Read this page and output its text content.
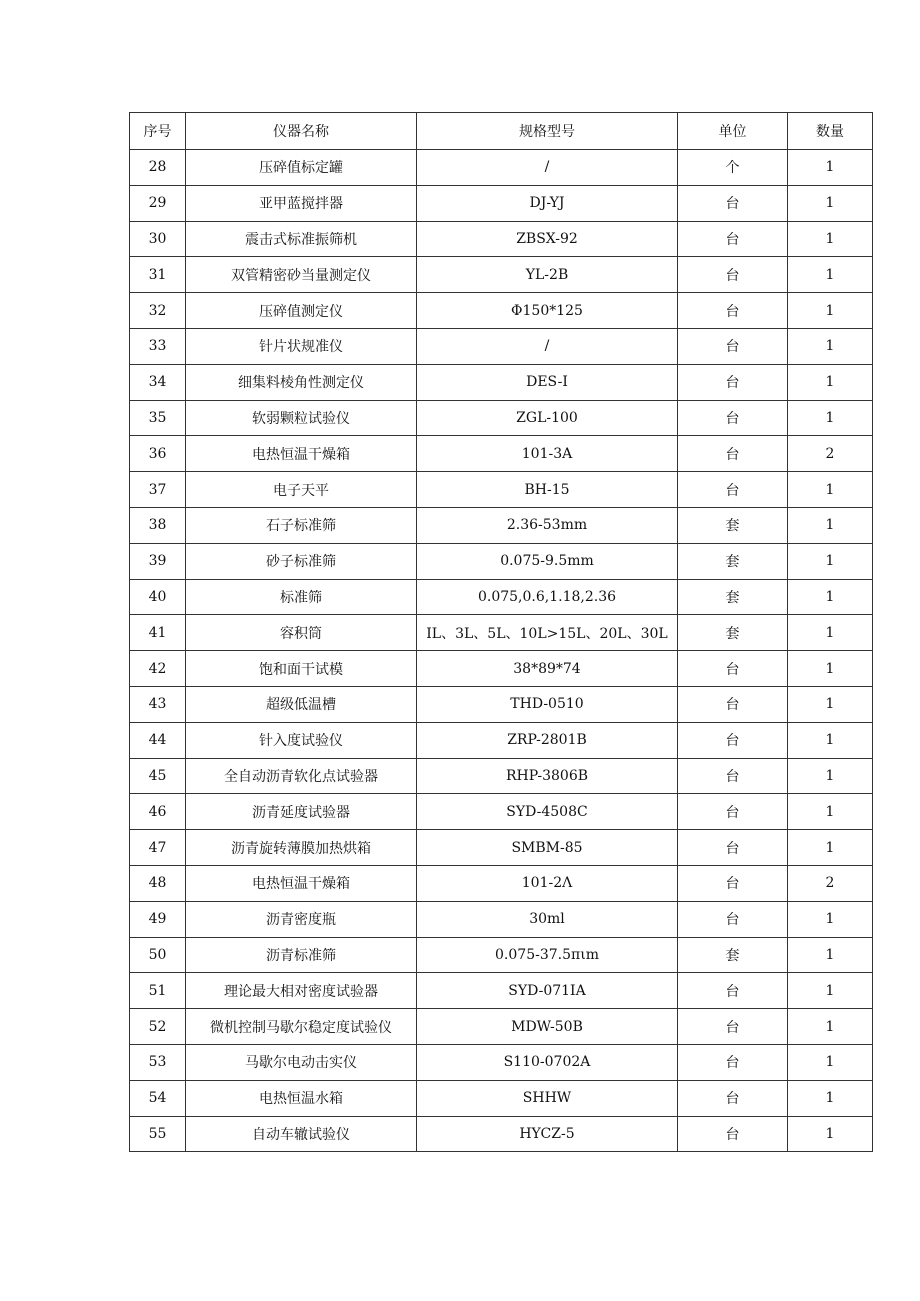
序号	仪器名称	规格型号	单位	数量
28	压碎值标定罐	/	个	1
29	亚甲蓝搅拌器	DJ-YJ	台	1
30	震击式标准振筛机	ZBSX-92	台	1
31	双管精密砂当量测定仪	YL-2B	台	1
32	压碎值测定仪	Φ150*125	台	1
33	针片状规准仪	/	台	1
34	细集料棱角性测定仪	DES-I	台	1
35	软弱颗粒试验仪	ZGL-100	台	1
36	电热恒温干燥箱	101-3A	台	2
37	电子天平	BH-15	台	1
38	石子标准筛	2.36-53mm	套	1
39	砂子标准筛	0.075-9.5mm	套	1
40	标准筛	0.075,0.6,1.18,2.36	套	1
41	容积筒	IL、3L、5L、10L>15L、20L、30L	套	1
42	饱和面干试模	38*89*74	台	1
43	超级低温槽	THD-0510	台	1
44	针入度试验仪	ZRP-2801B	台	1
45	全自动沥青软化点试验器	RHP-3806B	台	1
46	沥青延度试验器	SYD-4508C	台	1
47	沥青旋转薄膜加热烘箱	SMBM-85	台	1
48	电热恒温干燥箱	101-2Λ	台	2
49	沥青密度瓶	30ml	台	1
50	沥青标准筛	0.075-37.5πιm	套	1
51	理论最大相对密度试验器	SYD-071IA	台	1
52	微机控制马歇尔稳定度试验仪	MDW-50B	台	1
53	马歇尔电动击实仪	S110-0702A	台	1
54	电热恒温水箱	SHHW	台	1
55	自动车辙试验仪	HYCZ-5	台	1
